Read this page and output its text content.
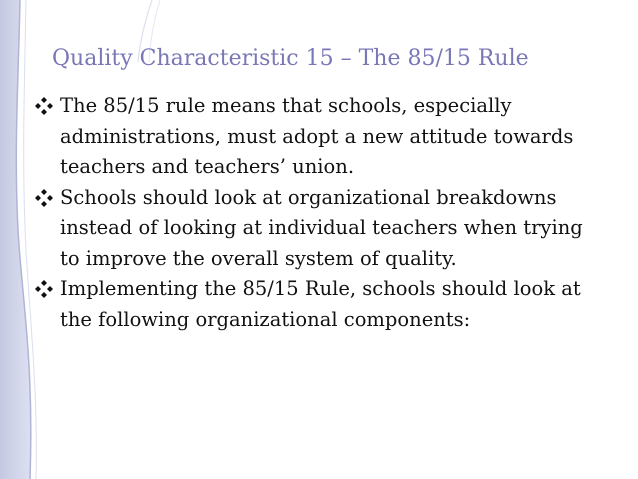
Quality Characteristic 15 – The 85/15 Rule
The 85/15 rule means that schools, especially administrations, must adopt a new attitude towards teachers and teachers’ union.
Schools should look at organizational breakdowns instead of looking at individual teachers when trying to improve the overall system of quality.
Implementing the 85/15 Rule, schools should look at the following organizational components:
